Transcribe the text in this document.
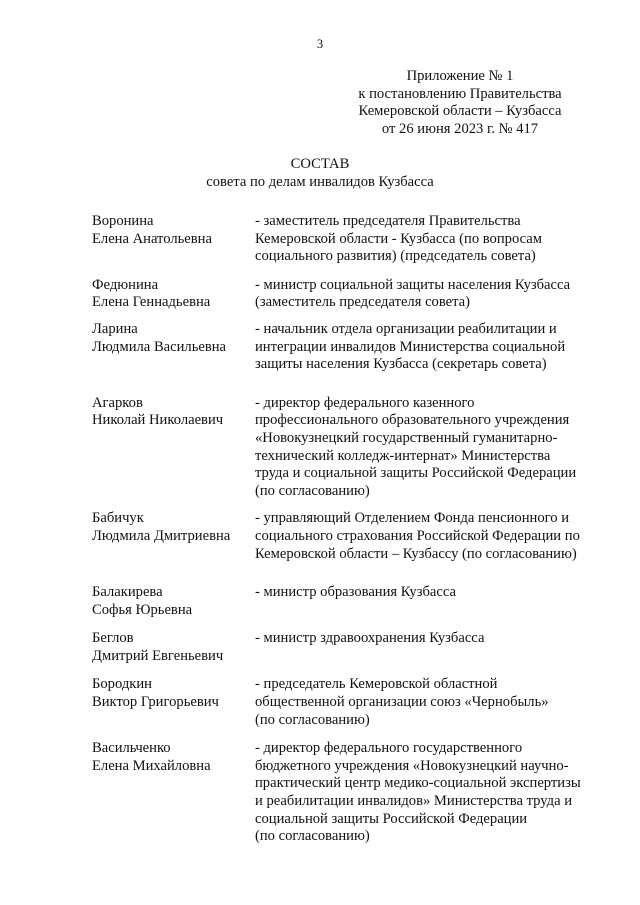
3
Приложение № 1
к постановлению Правительства
Кемеровской области – Кузбасса
от 26 июня 2023 г. № 417
СОСТАВ
совета по делам инвалидов Кузбасса
Воронина
Елена Анатольевна
- заместитель председателя Правительства
Кемеровской области - Кузбасса (по вопросам
социального развития) (председатель совета)
Федюнина
Елена Геннадьевна
- министр социальной защиты населения Кузбасса
(заместитель председателя совета)
Ларина
Людмила Васильевна
- начальник отдела организации реабилитации и
интеграции инвалидов Министерства социальной
защиты населения Кузбасса (секретарь совета)
Агарков
Николай Николаевич
- директор федерального казенного
профессионального образовательного учреждения
«Новокузнецкий государственный гуманитарно-
технический колледж-интернат» Министерства
труда и социальной защиты Российской Федерации
(по согласованию)
Бабичук
Людмила Дмитриевна
- управляющий Отделением Фонда пенсионного и
социального страхования Российской Федерации по
Кемеровской области – Кузбассу (по согласованию)
Балакирева
Софья Юрьевна
- министр образования Кузбасса
Беглов
Дмитрий Евгеньевич
- министр здравоохранения Кузбасса
Бородкин
Виктор Григорьевич
- председатель Кемеровской областной
общественной организации союз «Чернобыль»
(по согласованию)
Васильченко
Елена Михайловна
- директор федерального государственного
бюджетного учреждения «Новокузнецкий научно-
практический центр медико-социальной экспертизы
и реабилитации инвалидов» Министерства труда и
социальной защиты Российской Федерации
(по согласованию)
